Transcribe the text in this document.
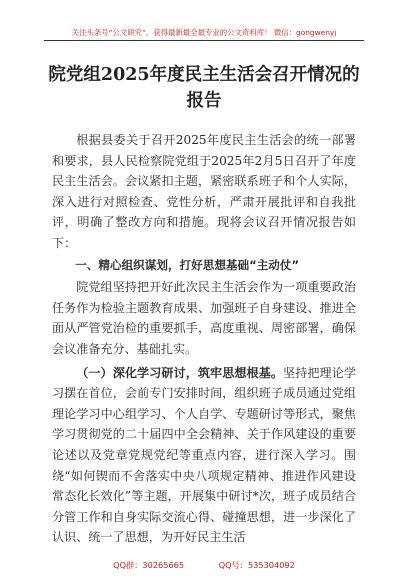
关注头条号“公文研究”，获得最新最全最专业的公文资料库！ 微信：gongwenyj
院党组2025年度民主生活会召开情况的
报告

根据县委关于召开2025年度民主生活会的统一部署和要求，县人民检察院党组于2025年2月5日召开了年度民主生活会。会议紧扣主题，紧密联系班子和个人实际，深入进行对照检查、党性分析，严肃开展批评和自我批评，明确了整改方向和措施。现将会议召开情况报告如下：

一、精心组织谋划，打好思想基础“主动仗”

院党组坚持把开好此次民主生活会作为一项重要政治任务作为检验主题教育成果、加强班子自身建设、推进全面从严管党治检的重要抓手，高度重视、周密部署，确保会议准备充分、基础扎实。

（一）深化学习研讨，筑牢思想根基。坚持把理论学习摆在首位，会前专门安排时间，组织班子成员通过党组理论学习中心组学习、个人自学、专题研讨等形式，聚焦学习贯彻党的二十届四中全会精神、关于作风建设的重要论述以及党章党规党纪等重点内容，进行深入学习。围绕“如何锲而不舍落实中央八项规定精神、推进作风建设常态化长效化”等主题，开展集中研讨*次，班子成员结合分管工作和自身实际交流心得、碰撞思想，进一步深化了认识、统一了思想，为开好民主生活

QQ群：30265665	QQ号：535304092
